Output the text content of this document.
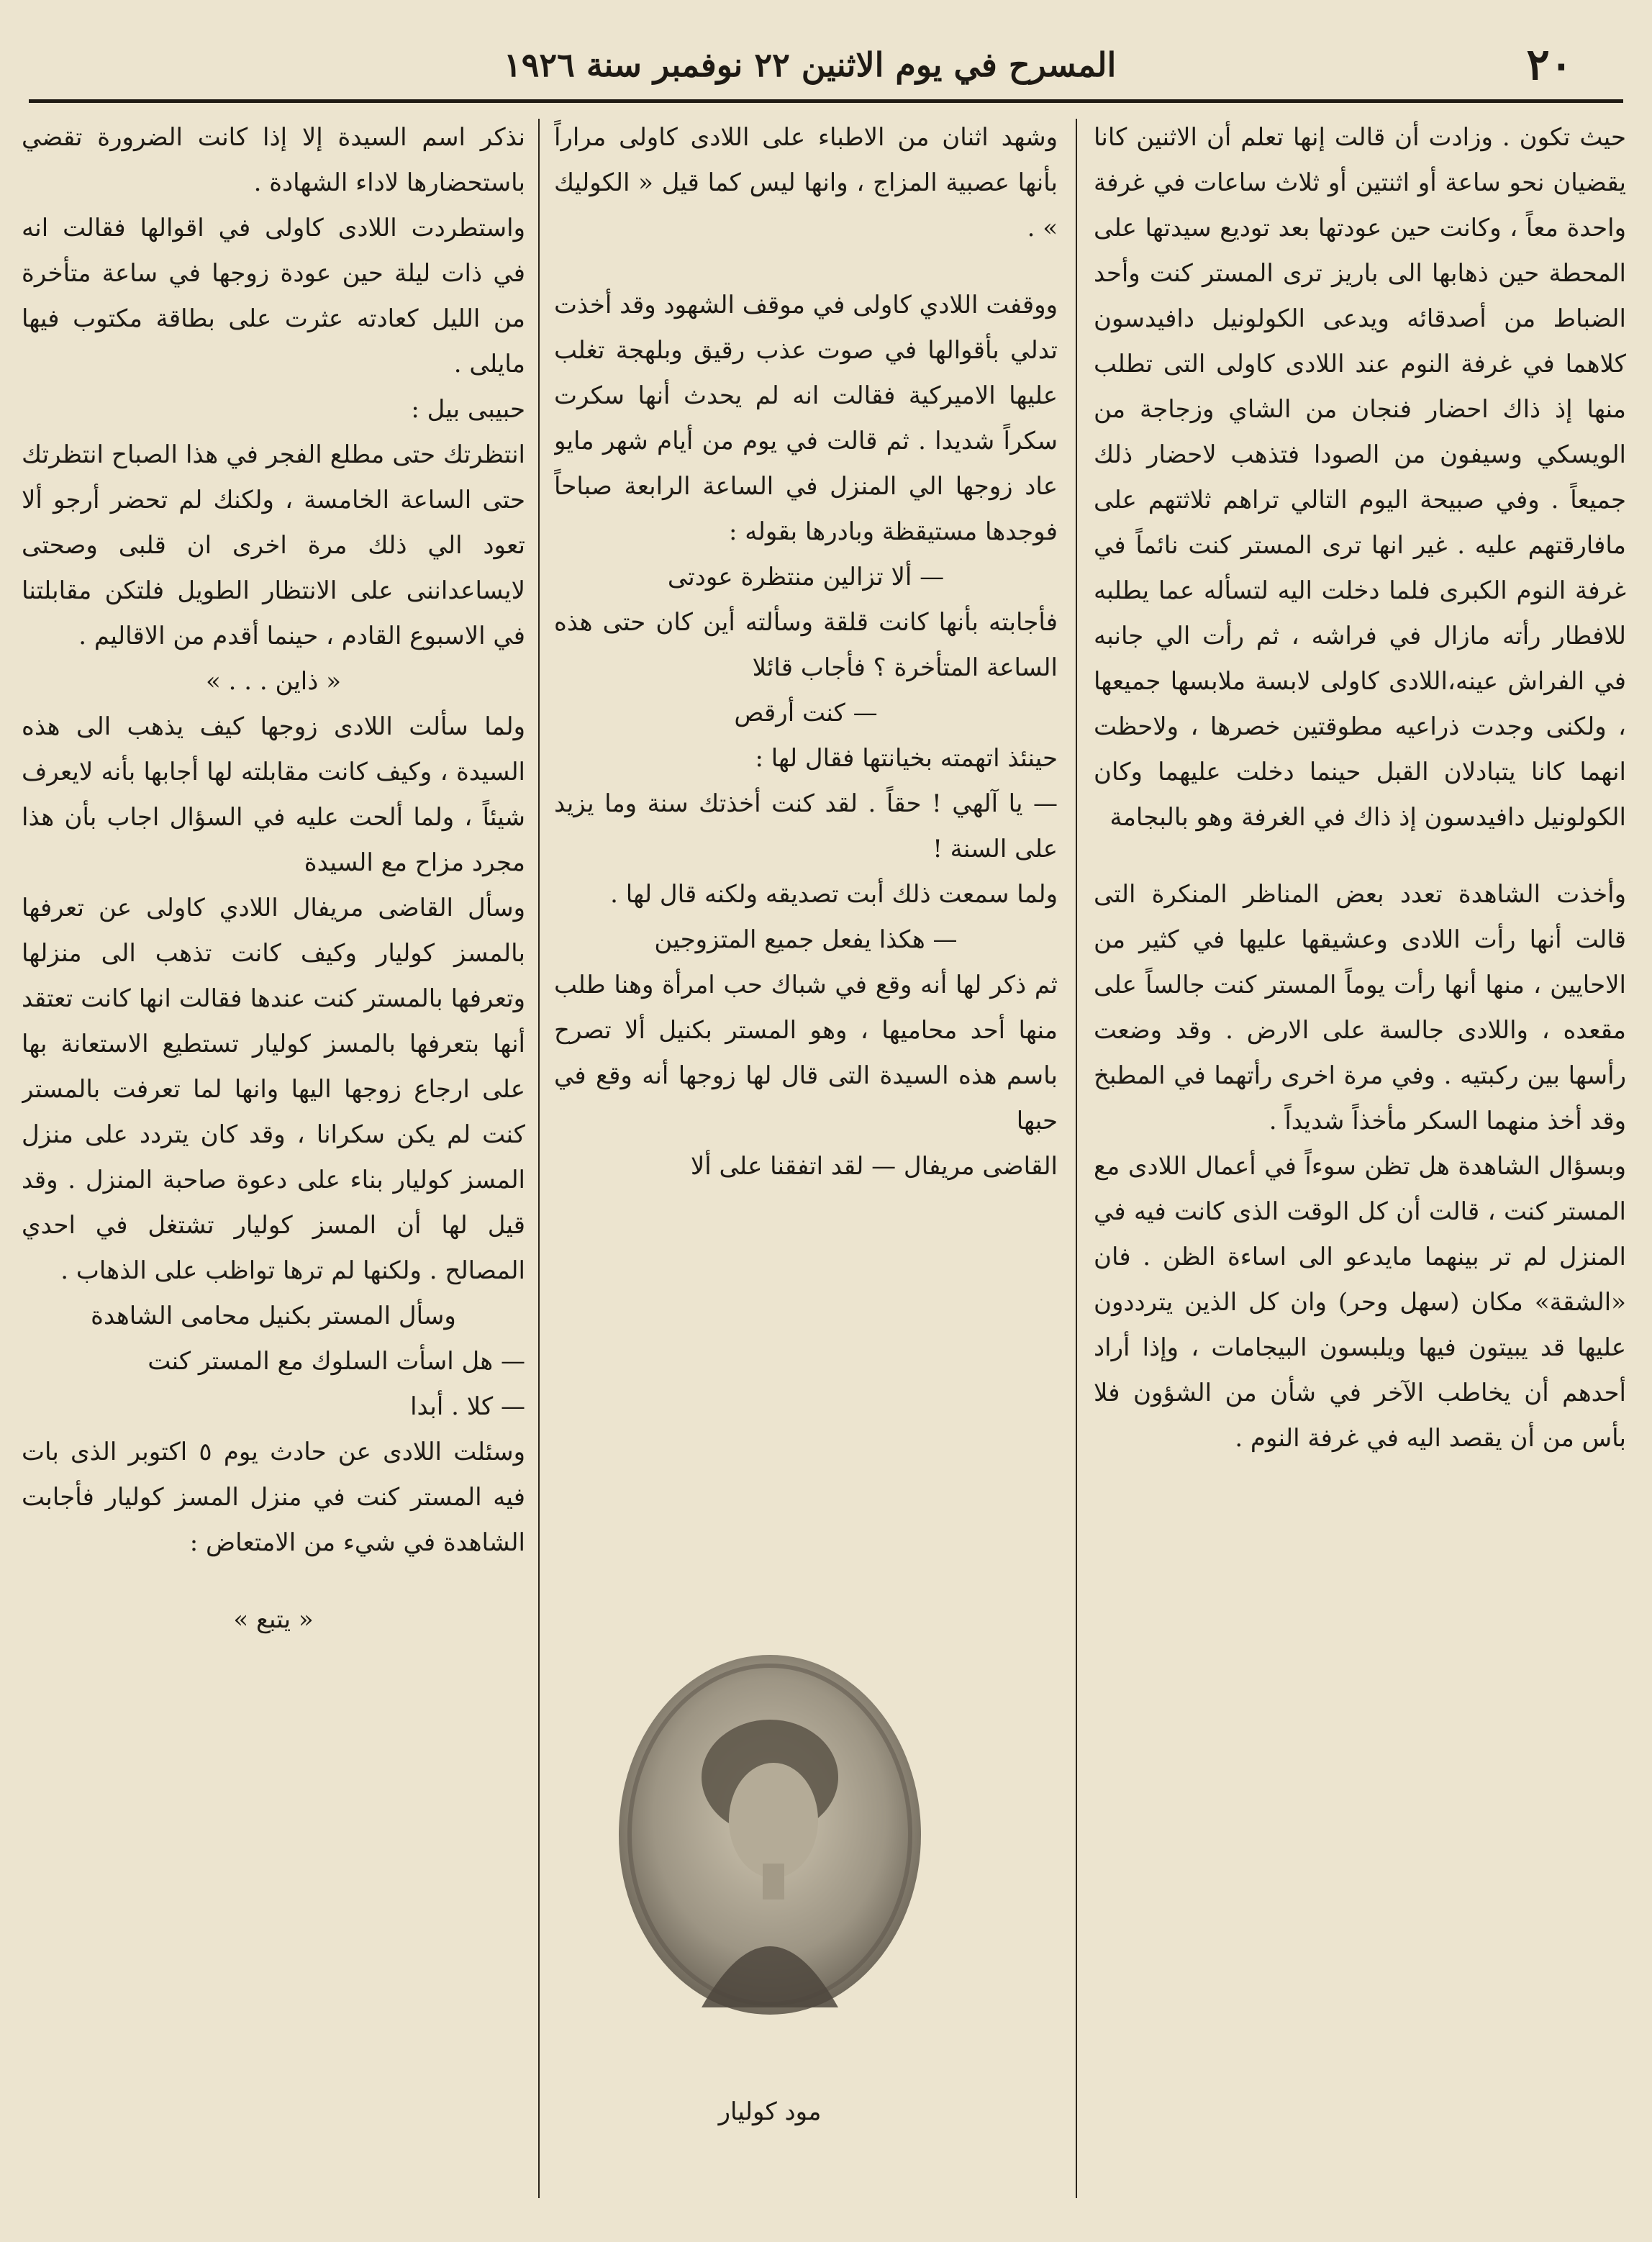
٢٠
المسرح في يوم الاثنين ٢٢ نوفمبر سنة ١٩٢٦

حيث تكون . وزادت أن قالت إنها تعلم أن الاثنين كانا يقضيان نحو ساعة أو اثنتين أو ثلاث ساعات في غرفة واحدة معاً ، وكانت حين عودتها بعد توديع سيدتها على المحطة حين ذهابها الى باريز ترى المستر كنت وأحد الضباط من أصدقائه ويدعى الكولونيل دافيدسون كلاهما في غرفة النوم عند اللادى كاولى التى تطلب منها إذ ذاك احضار فنجان من الشاي وزجاجة من الويسكي وسيفون من الصودا فتذهب لاحضار ذلك جميعاً . وفي صبيحة اليوم التالي تراهم ثلاثتهم على مافارقتهم عليه . غير انها ترى المستر كنت نائماً في غرفة النوم الكبرى فلما دخلت اليه لتسأله عما يطلبه للافطار رأته مازال في فراشه ، ثم رأت الي جانبه في الفراش عينه،اللادى كاولى لابسة ملابسها جميعها ، ولكنى وجدت ذراعيه مطوقتين خصرها ، ولاحظت انهما كانا يتبادلان القبل حينما دخلت عليهما وكان الكولونيل دافيدسون إذ ذاك في الغرفة وهو بالبجامة

وأخذت الشاهدة تعدد بعض المناظر المنكرة التى قالت أنها رأت اللادى وعشيقها عليها في كثير من الاحايين ، منها أنها رأت يوماً المستر كنت جالساً على مقعده ، واللادى جالسة على الارض . وقد وضعت رأسها بين ركبتيه . وفي مرة اخرى رأتهما في المطبخ وقد أخذ منهما السكر مأخذاً شديداً .

وبسؤال الشاهدة هل تظن سوءاً في أعمال اللادى مع المستر كنت ، قالت أن كل الوقت الذى كانت فيه في المنزل لم تر بينهما مايدعو الى اساءة الظن . فان «الشقة» مكان (سهل وحر) وان كل الذين يترددون عليها قد يبيتون فيها ويلبسون البيجامات ، وإذا أراد أحدهم أن يخاطب الآخر في شأن من الشؤون فلا بأس من أن يقصد اليه في غرفة النوم .

وشهد اثنان من الاطباء على اللادى كاولى مراراً بأنها عصبية المزاج ، وانها ليس كما قيل « الكوليك » .

ووقفت اللادي كاولى في موقف الشهود وقد أخذت تدلي بأقوالها في صوت عذب رقيق وبلهجة تغلب عليها الاميركية فقالت انه لم يحدث أنها سكرت سكراً شديدا . ثم قالت في يوم من أيام شهر مايو عاد زوجها الي المنزل في الساعة الرابعة صباحاً فوجدها مستيقظة وبادرها بقوله :

— ألا تزالين منتظرة عودتى

فأجابته بأنها كانت قلقة وسألته أين كان حتى هذه الساعة المتأخرة ؟ فأجاب قائلا

— كنت أرقص

حينئذ اتهمته بخيانتها فقال لها :

— يا آلهي ! حقاً . لقد كنت أخذتك سنة وما يزيد على السنة !

ولما سمعت ذلك أبت تصديقه ولكنه قال لها .

— هكذا يفعل جميع المتزوجين

ثم ذكر لها أنه وقع في شباك حب امرأة وهنا طلب منها أحد محاميها ، وهو المستر بكنيل ألا تصرح باسم هذه السيدة التى قال لها زوجها أنه وقع في حبها

القاضى مريفال — لقد اتفقنا على ألا

مود كوليار

نذكر اسم السيدة إلا إذا كانت الضرورة تقضي باستحضارها لاداء الشهادة .

واستطردت اللادى كاولى في اقوالها فقالت انه في ذات ليلة حين عودة زوجها في ساعة متأخرة من الليل كعادته عثرت على بطاقة مكتوب فيها مايلى .

حبيبى بيل :

انتظرتك حتى مطلع الفجر في هذا الصباح انتظرتك حتى الساعة الخامسة ، ولكنك لم تحضر أرجو ألا تعود الي ذلك مرة اخرى ان قلبى وصحتى لايساعداننى على الانتظار الطويل فلتكن مقابلتنا في الاسبوع القادم ، حينما أقدم من الاقاليم .

« ذاين . . . »

ولما سألت اللادى زوجها كيف يذهب الى هذه السيدة ، وكيف كانت مقابلته لها أجابها بأنه لايعرف شيئاً ، ولما ألحت عليه في السؤال اجاب بأن هذا مجرد مزاح مع السيدة

وسأل القاضى مريفال اللادي كاولى عن تعرفها بالمسز كوليار وكيف كانت تذهب الى منزلها وتعرفها بالمستر كنت عندها فقالت انها كانت تعتقد أنها بتعرفها بالمسز كوليار تستطيع الاستعانة بها على ارجاع زوجها اليها وانها لما تعرفت بالمستر كنت لم يكن سكرانا ، وقد كان يتردد على منزل المسز كوليار بناء على دعوة صاحبة المنزل . وقد قيل لها أن المسز كوليار تشتغل في احدي المصالح . ولكنها لم ترها تواظب على الذهاب .

وسأل المستر بكنيل محامى الشاهدة

— هل اسأت السلوك مع المستر كنت

— كلا . أبدا

وسئلت اللادى عن حادث يوم ٥ اكتوبر الذى بات فيه المستر كنت في منزل المسز كوليار فأجابت الشاهدة في شيء من الامتعاض :

« يتبع »
